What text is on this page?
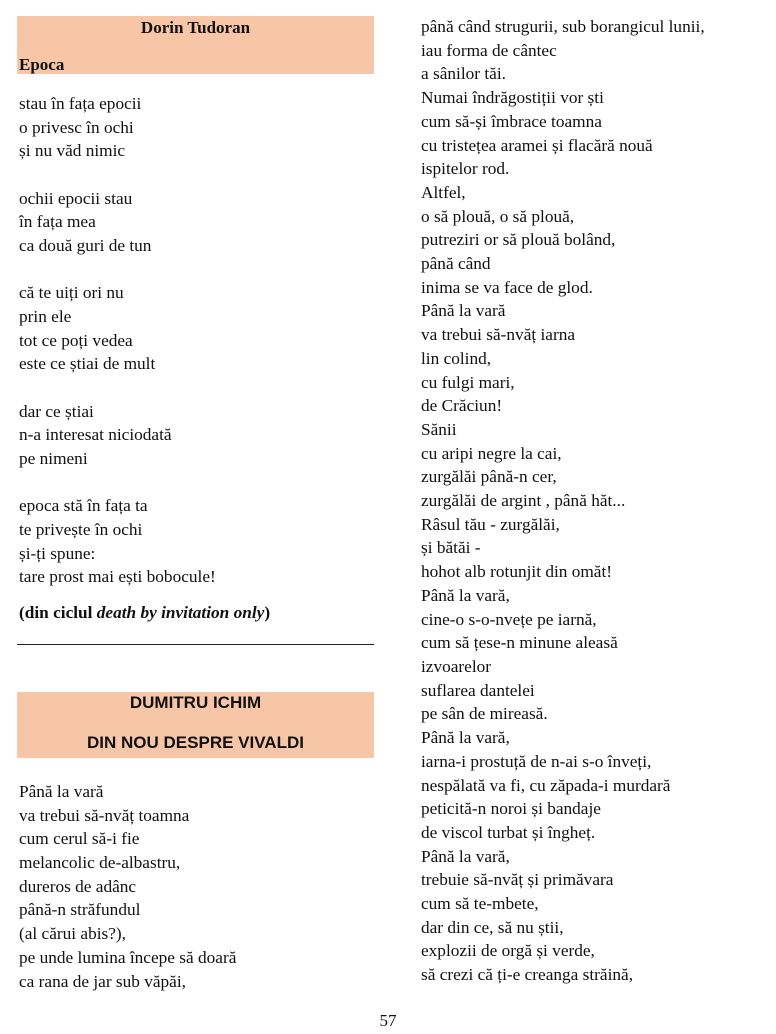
Dorin Tudoran
Epoca
stau în fața epocii
o privesc în ochi
și nu văd nimic
ochii epocii stau
în fața mea
ca două guri de tun
că te uiți ori nu
prin ele
tot ce poți vedea
este ce știai de mult
dar ce știai
n-a interesat niciodată
pe nimeni
epoca stă în fața ta
te privește în ochi
și-ți spune:
tare prost mai ești bobocule!
(din ciclul death by invitation only)
DUMITRU ICHIM
DIN NOU DESPRE VIVALDI
Până la vară
va trebui să-nvăț toamna
cum cerul să-i fie
melancolic de-albastru,
dureros de adânc
până-n străfundul
(al cărui abis?),
pe unde lumina începe să doară
ca rana de jar sub văpăi,
până când strugurii, sub borangicul lunii,
iau forma de cântec
a sânilor tăi.
Numai îndrăgostiții vor ști
cum să-și îmbrace toamna
cu tristețea aramei și flacără nouă
ispitelor rod.
Altfel,
o să plouă, o să plouă,
putreziri or să plouă bolând,
până când
inima se va face de glod.
Până la vară
va trebui să-nvăț iarna
lin colind,
cu fulgi mari,
de Crăciun!
Sănii
cu aripi negre la cai,
zurgălăi până-n cer,
zurgălăi de argint , până hăt...
Râsul tău - zurgălăi,
și bătăi -
hohot alb rotunjit din omăt!
Până la vară,
cine-o s-o-nvețe pe iarnă,
cum să țese-n minune aleasă
izvoarelor
suflarea dantelei
pe sân de mireasă.
Până la vară,
iarna-i prostuță de n-ai s-o înveți,
nespălată va fi, cu zăpada-i murdară
peticită-n noroi și bandaje
de viscol turbat și îngheț.
Până la vară,
trebuie să-nvăț și primăvara
cum să te-mbete,
dar din ce, să nu știi,
explozii de orgă și verde,
să crezi că ți-e creanga străină,
57
